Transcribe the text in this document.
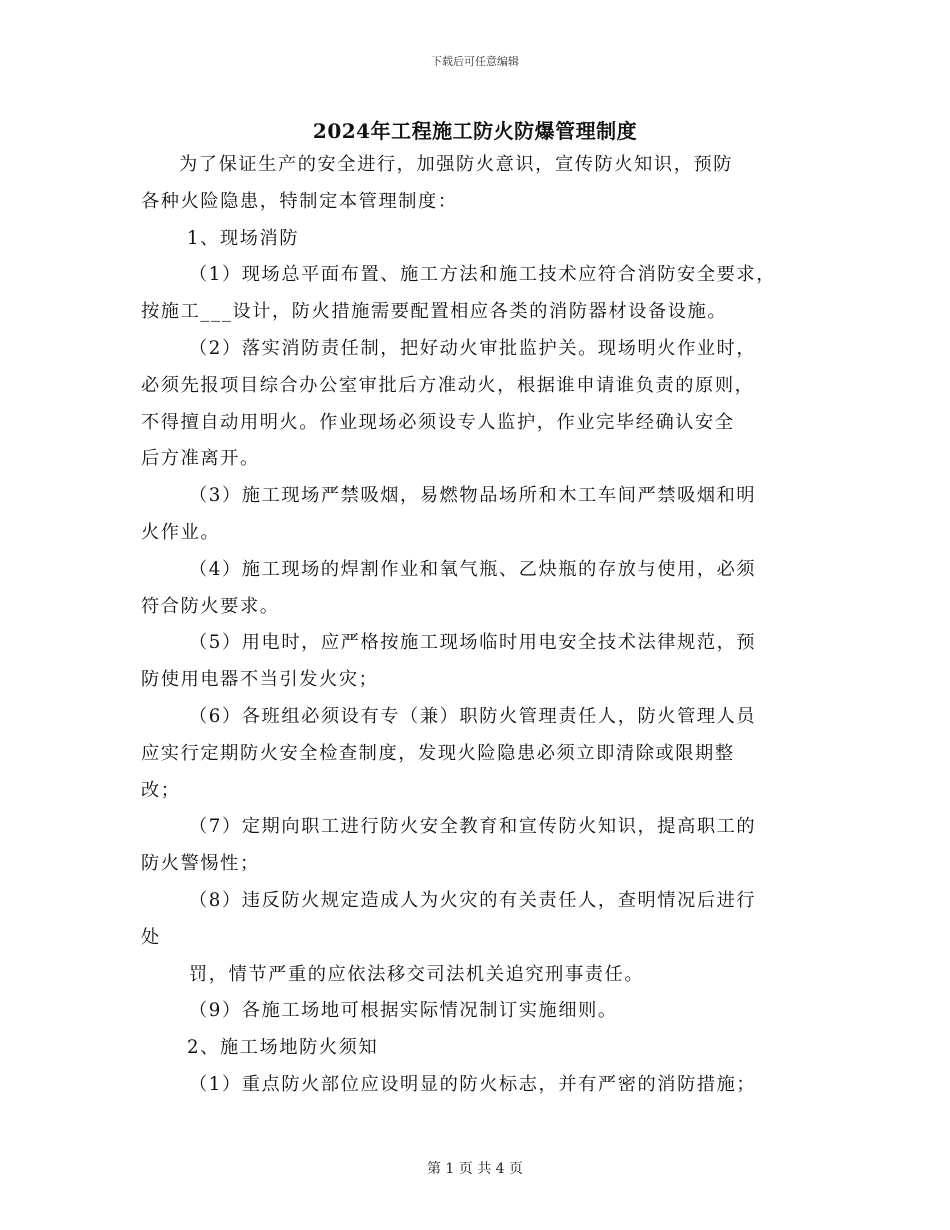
下载后可任意编辑
2024年工程施工防火防爆管理制度
为了保证生产的安全进行，加强防火意识，宣传防火知识，预防
各种火险隐患，特制定本管理制度：
1、现场消防
（1）现场总平面布置、施工方法和施工技术应符合消防安全要求，
按施工___设计，防火措施需要配置相应各类的消防器材设备设施。
（2）落实消防责任制，把好动火审批监护关。现场明火作业时，
必须先报项目综合办公室审批后方准动火，根据谁申请谁负责的原则，
不得擅自动用明火。作业现场必须设专人监护，作业完毕经确认安全
后方准离开。
（3）施工现场严禁吸烟，易燃物品场所和木工车间严禁吸烟和明
火作业。
（4）施工现场的焊割作业和氧气瓶、乙炔瓶的存放与使用，必须
符合防火要求。
（5）用电时，应严格按施工现场临时用电安全技术法律规范，预
防使用电器不当引发火灾；
（6）各班组必须设有专（兼）职防火管理责任人，防火管理人员
应实行定期防火安全检查制度，发现火险隐患必须立即清除或限期整
改；
（7）定期向职工进行防火安全教育和宣传防火知识，提高职工的
防火警惕性；
（8）违反防火规定造成人为火灾的有关责任人，查明情况后进行
处
罚，情节严重的应依法移交司法机关追究刑事责任。
（9）各施工场地可根据实际情况制订实施细则。
2、施工场地防火须知
（1）重点防火部位应设明显的防火标志，并有严密的消防措施；
第 1 页 共 4 页
